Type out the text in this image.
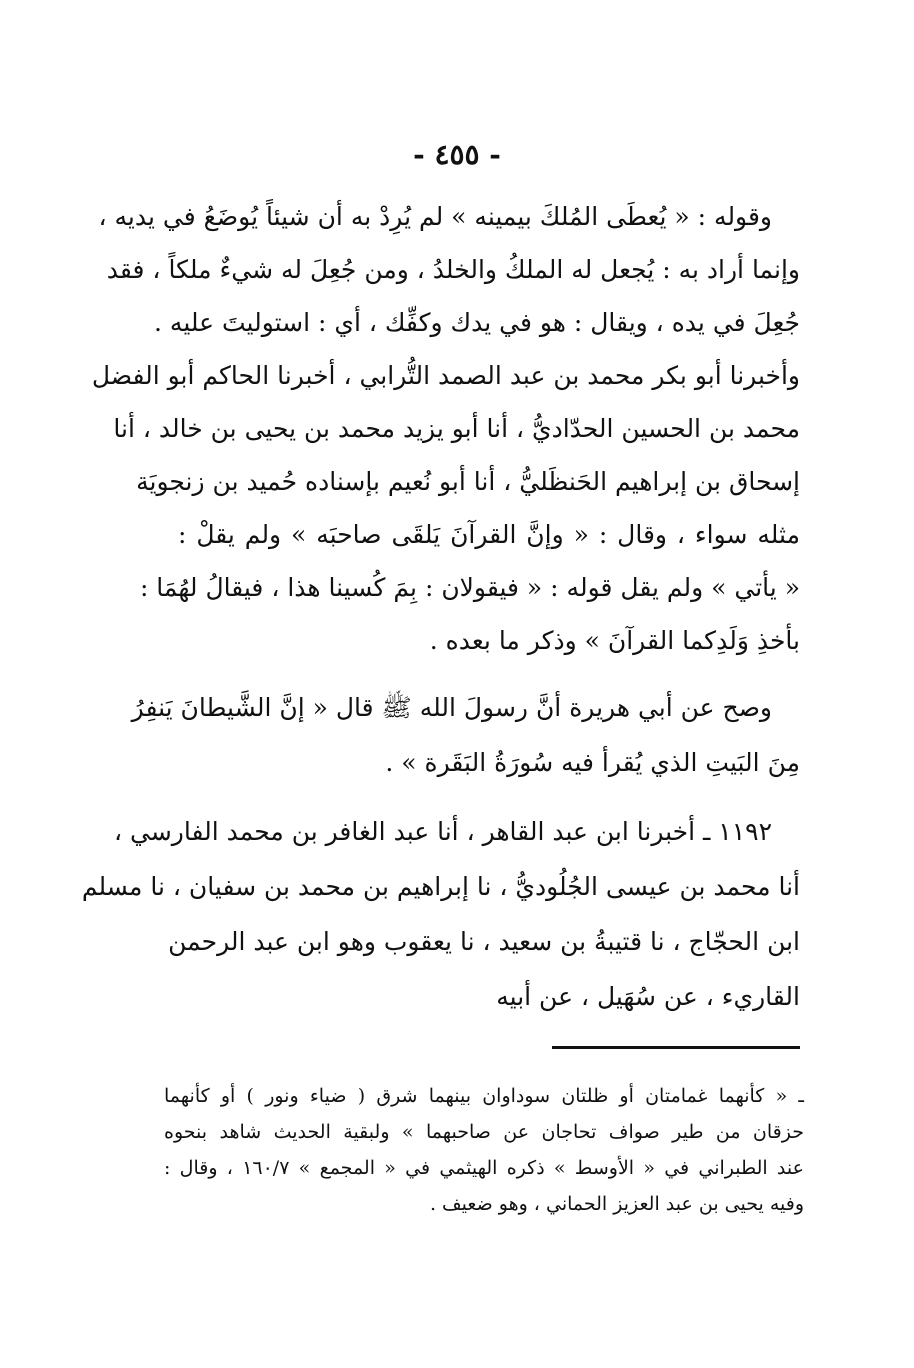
- ٤٥٥ -
وقوله : « يُعطَى المُلكَ بيمينه » لم يُرِدْ به أن شيئاً يُوضَعُ في يديه ،
وإنما أراد به : يُجعل له الملكُ والخلدُ ، ومن جُعِلَ له شيءٌ ملكاً ، فقد
جُعِلَ في يده ، ويقال : هو في يدك وكفِّك ، أي : استوليتَ عليه .
وأخبرنا أبو بكر محمد بن عبد الصمد التُّرابي ، أخبرنا الحاكم أبو الفضل
محمد بن الحسين الحدّاديُّ ، أنا أبو يزيد محمد بن يحيى بن خالد ، أنا
إسحاق بن إبراهيم الحَنظَليُّ ، أنا أبو نُعيم بإسناده حُميد بن زنجويَة
مثله سواء ، وقال : « وإنَّ القرآنَ يَلقَى صاحبَه » ولم يقلْ :
« يأتي » ولم يقل قوله : « فيقولان : بِمَ كُسينا هذا ، فيقالُ لهُمَا :
بأخذِ وَلَدِكما القرآنَ » وذكر ما بعده .
وصح عن أبي هريرة أنَّ رسولَ الله ﷺ قال « إنَّ الشَّيطانَ يَنفِرُ
مِنَ البَيتِ الذي يُقرأ فيه سُورَةُ البَقَرة » .
١١٩٢ ـ أخبرنا ابن عبد القاهر ، أنا عبد الغافر بن محمد الفارسي ،
أنا محمد بن عيسى الجُلُوديُّ ، نا إبراهيم بن محمد بن سفيان ، نا مسلم
ابن الحجّاج ، نا قتيبةُ بن سعيد ، نا يعقوب وهو ابن عبد الرحمن
القاريء ، عن سُهَيل ، عن أبيه
ـ « كأنهما غمامتان أو ظلتان سوداوان بينهما شرق ( ضياء ونور ) أو كأنهما
حزقان من طير صواف تحاجان عن صاحبهما » ولبقية الحديث شاهد بنحوه
عند الطبراني في « الأوسط » ذكره الهيثمي في « المجمع » ١٦٠/٧ ، وقال :
وفيه يحيى بن عبد العزيز الحماني ، وهو ضعيف .
